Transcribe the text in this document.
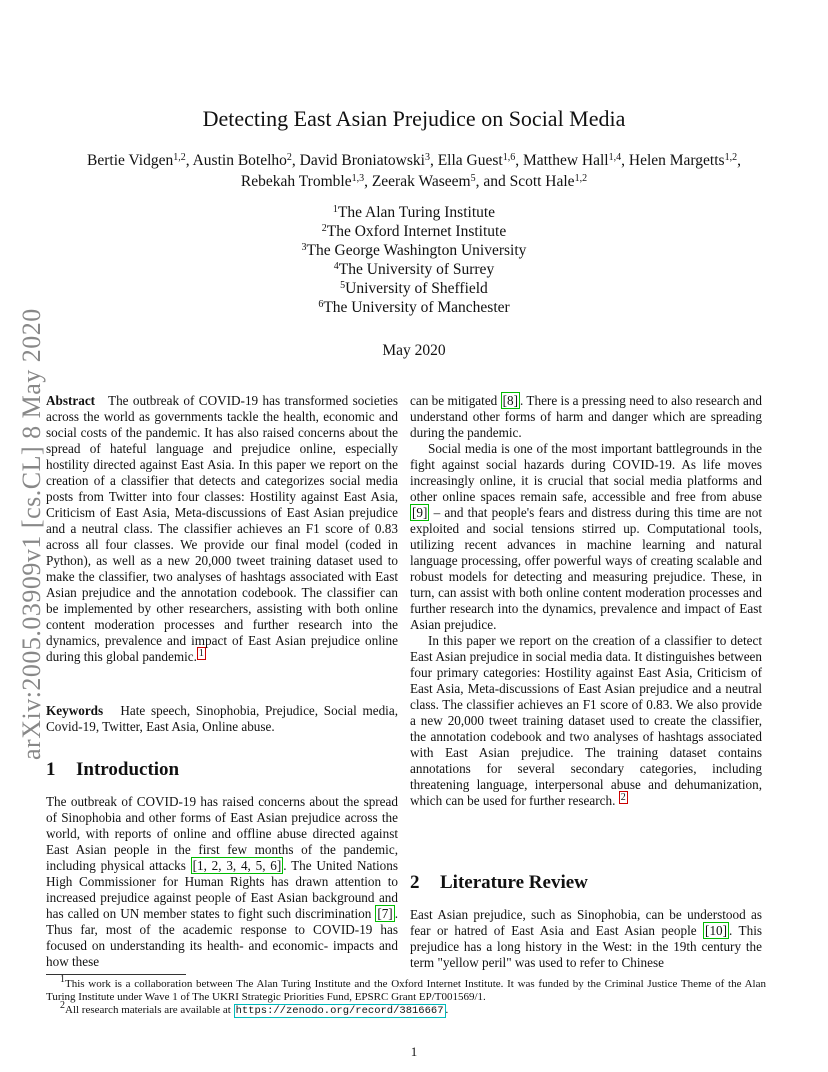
arXiv:2005.03909v1 [cs.CL] 8 May 2020
Detecting East Asian Prejudice on Social Media
Bertie Vidgen$^{1,2}$, Austin Botelho$^2$, David Broniatowski$^3$, Ella Guest$^{1,6}$, Matthew Hall$^{1,4}$, Helen Margetts$^{1,2}$, Rebekah Tromble$^{1,3}$, Zeerak Waseem$^5$, and Scott Hale$^{1,2}$
$^1$The Alan Turing Institute
$^2$The Oxford Internet Institute
$^3$The George Washington University
$^4$The University of Surrey
$^5$University of Sheffield
$^6$The University of Manchester
May 2020

Abstract The outbreak of COVID-19 has transformed societies across the world as governments tackle the health, economic and social costs of the pandemic. It has also raised concerns about the spread of hateful language and prejudice online, especially hostility directed against East Asia. In this paper we report on the creation of a classifier that detects and categorizes social media posts from Twitter into four classes: Hostility against East Asia, Criticism of East Asia, Meta-discussions of East Asian prejudice and a neutral class. The classifier achieves an F1 score of 0.83 across all four classes. We provide our final model (coded in Python), as well as a new 20,000 tweet training dataset used to make the classifier, two analyses of hashtags associated with East Asian prejudice and the annotation codebook. The classifier can be implemented by other researchers, assisting with both online content moderation processes and further research into the dynamics, prevalence and impact of East Asian prejudice online during this global pandemic. $^1$

Keywords Hate speech, Sinophobia, Prejudice, Social media, Covid-19, Twitter, East Asia, Online abuse.

1 Introduction

The outbreak of COVID-19 has raised concerns about the spread of Sinophobia and other forms of East Asian prejudice across the world, with reports of online and offline abuse directed against East Asian people in the first few months of the pandemic, including physical attacks [1, 2, 3, 4, 5, 6] . The United Nations High Commissioner for Human Rights has drawn attention to increased prejudice against people of East Asian background and has called on UN member states to fight such discrimination [7] . Thus far, most of the academic response to COVID-19 has focused on understanding its health- and economic- impacts and how these

can be mitigated [8] . There is a pressing need to also research and understand other forms of harm and danger which are spreading during the pandemic.

Social media is one of the most important battlegrounds in the fight against social hazards during COVID-19. As life moves increasingly online, it is crucial that social media platforms and other online spaces remain safe, accessible and free from abuse [9] – and that people's fears and distress during this time are not exploited and social tensions stirred up. Computational tools, utilizing recent advances in machine learning and natural language processing, offer powerful ways of creating scalable and robust models for detecting and measuring prejudice. These, in turn, can assist with both online content moderation processes and further research into the dynamics, prevalence and impact of East Asian prejudice.

In this paper we report on the creation of a classifier to detect East Asian prejudice in social media data. It distinguishes between four primary categories: Hostility against East Asia, Criticism of East Asia, Meta-discussions of East Asian prejudice and a neutral class. The classifier achieves an F1 score of 0.83. We also provide a new 20,000 tweet training dataset used to create the classifier, the annotation codebook and two analyses of hashtags associated with East Asian prejudice. The training dataset contains annotations for several secondary categories, including threatening language, interpersonal abuse and dehumanization, which can be used for further research. $^2$

2 Literature Review

East Asian prejudice, such as Sinophobia, can be understood as fear or hatred of East Asia and East Asian people [10] . This prejudice has a long history in the West: in the 19th century the term "yellow peril" was used to refer to Chinese

$^1$This work is a collaboration between The Alan Turing Institute and the Oxford Internet Institute. It was funded by the Criminal Justice Theme of the Alan Turing Institute under Wave 1 of The UKRI Strategic Priorities Fund, EPSRC Grant EP/T001569/1.

$^2$All research materials are available at https://zenodo.org/record/3816667 .

1
